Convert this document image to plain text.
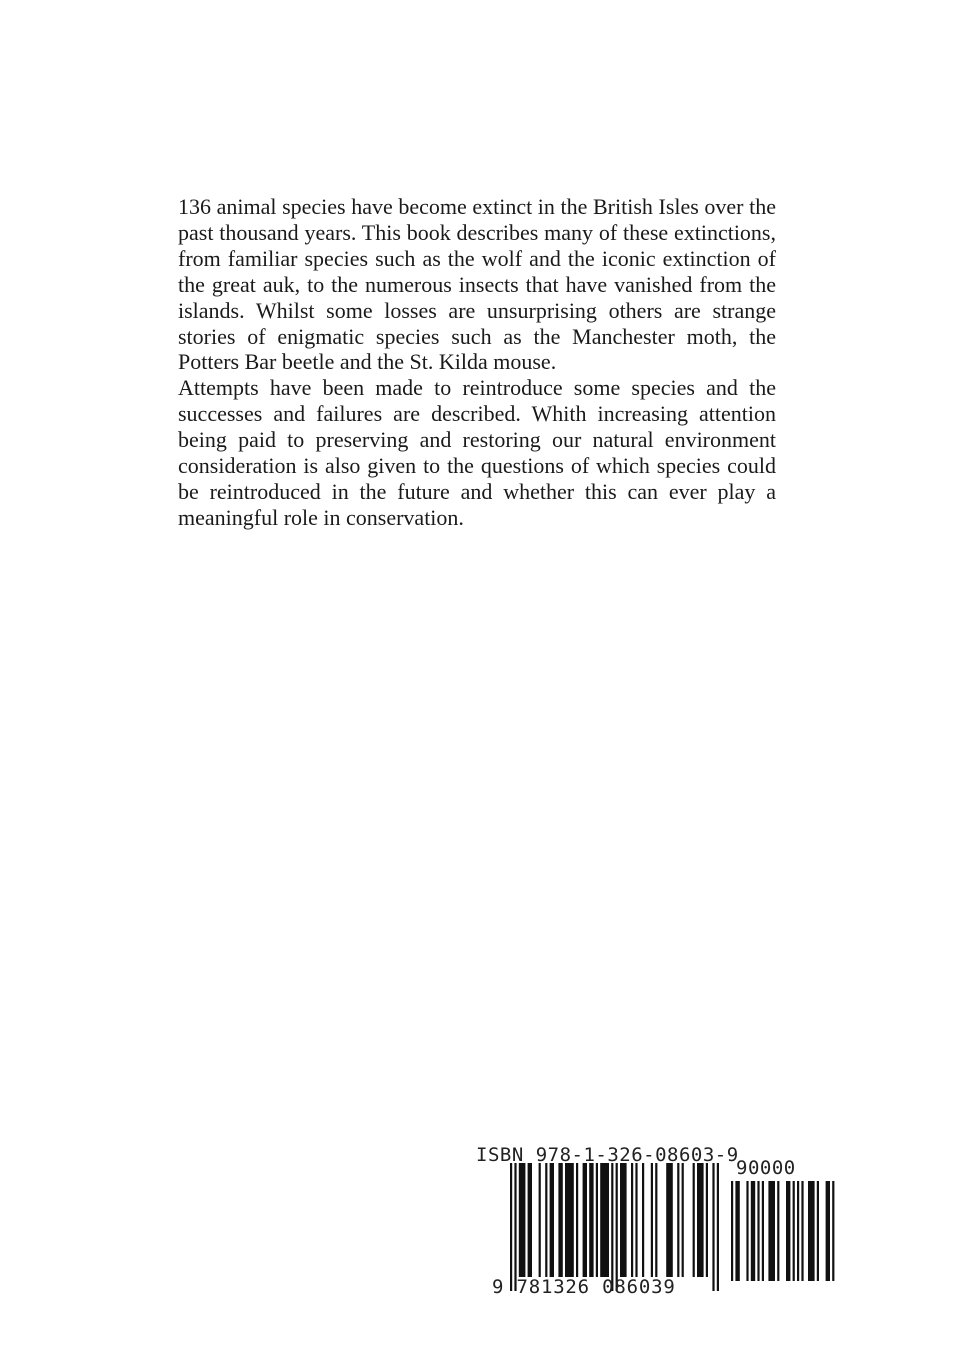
136 animal species have become extinct in the British Isles over the past thousand years. This book describes many of these extinctions, from familiar species such as the wolf and the iconic extinction of the great auk, to the numerous insects that have vanished from the islands. Whilst some losses are unsurprising others are strange stories of enigmatic species such as the Manchester moth, the Potters Bar beetle and the St. Kilda mouse.

Attempts have been made to reintroduce some species and the successes and failures are described. Whith increasing attention being paid to preserving and restoring our natural environment consideration is also given to the questions of which species could be reintroduced in the future and whether this can ever play a meaningful role in conservation.

ISBN 978-1-326-08603-9
90000
9 781326 086039
